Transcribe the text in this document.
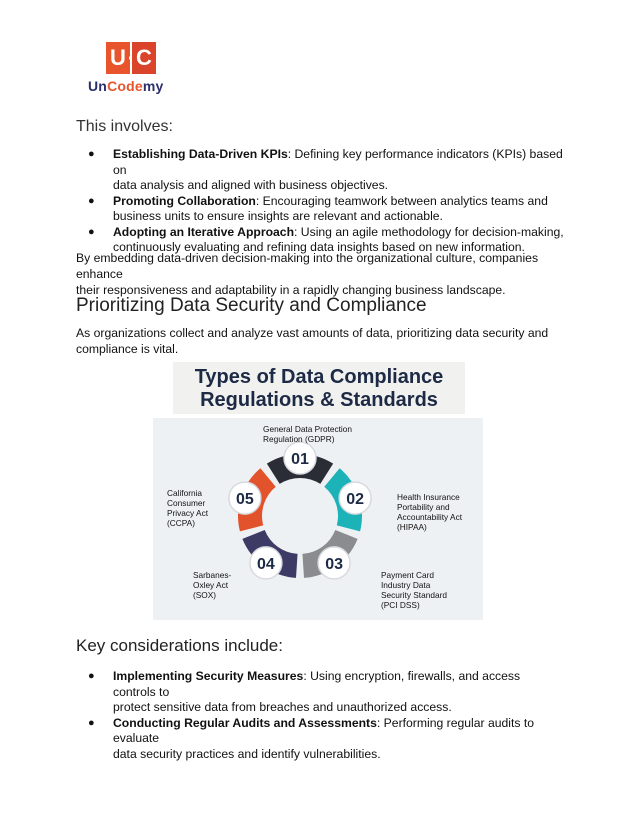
U C
UnCodemy
This involves:
● Establishing Data-Driven KPIs: Defining key performance indicators (KPIs) based on
data analysis and aligned with business objectives.
● Promoting Collaboration: Encouraging teamwork between analytics teams and
business units to ensure insights are relevant and actionable.
● Adopting an Iterative Approach: Using an agile methodology for decision-making,
continuously evaluating and refining data insights based on new information.
By embedding data-driven decision-making into the organizational culture, companies enhance
their responsiveness and adaptability in a rapidly changing business landscape.
Prioritizing Data Security and Compliance
As organizations collect and analyze vast amounts of data, prioritizing data security and
compliance is vital.
Types of Data Compliance
Regulations & Standards
01
02
03
04
05
General Data Protection
Regulation (GDPR)
Health Insurance
Portability and
Accountability Act
(HIPAA)
Payment Card
Industry Data
Security Standard
(PCI DSS)
Sarbanes-
Oxley Act
(SOX)
California
Consumer
Privacy Act
(CCPA)
Key considerations include:
● Implementing Security Measures: Using encryption, firewalls, and access controls to
protect sensitive data from breaches and unauthorized access.
● Conducting Regular Audits and Assessments: Performing regular audits to evaluate
data security practices and identify vulnerabilities.
